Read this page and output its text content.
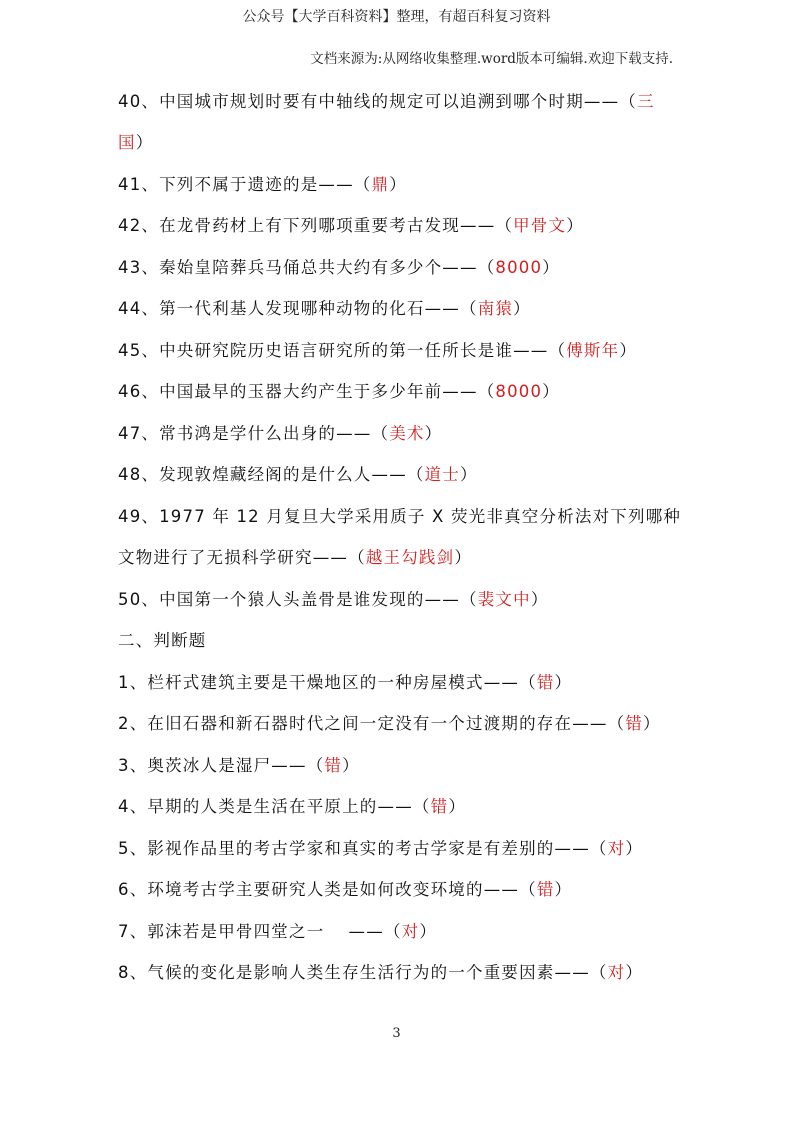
公众号【大学百科资料】整理，有超百科复习资料
文档来源为:从网络收集整理.word版本可编辑.欢迎下载支持.
40、中国城市规划时要有中轴线的规定可以追溯到哪个时期——（三
国）
41、下列不属于遗迹的是——（鼎）
42、在龙骨药材上有下列哪项重要考古发现——（甲骨文）
43、秦始皇陪葬兵马俑总共大约有多少个——（8000）
44、第一代利基人发现哪种动物的化石——（南猿）
45、中央研究院历史语言研究所的第一任所长是谁——（傅斯年）
46、中国最早的玉器大约产生于多少年前——（8000）
47、常书鸿是学什么出身的——（美术）
48、发现敦煌藏经阁的是什么人——（道士）
49、1977 年 12 月复旦大学采用质子 X 荧光非真空分析法对下列哪种
文物进行了无损科学研究——（越王勾践剑）
50、中国第一个猿人头盖骨是谁发现的——（裴文中）
二、判断题
1、栏杆式建筑主要是干燥地区的一种房屋模式——（错）
2、在旧石器和新石器时代之间一定没有一个过渡期的存在——（错）
3、奥茨冰人是湿尸——（错）
4、早期的人类是生活在平原上的——（错）
5、影视作品里的考古学家和真实的考古学家是有差别的——（对）
6、环境考古学主要研究人类是如何改变环境的——（错）
7、郭沫若是甲骨四堂之一　 ——（对）
8、气候的变化是影响人类生存生活行为的一个重要因素——（对）
3
